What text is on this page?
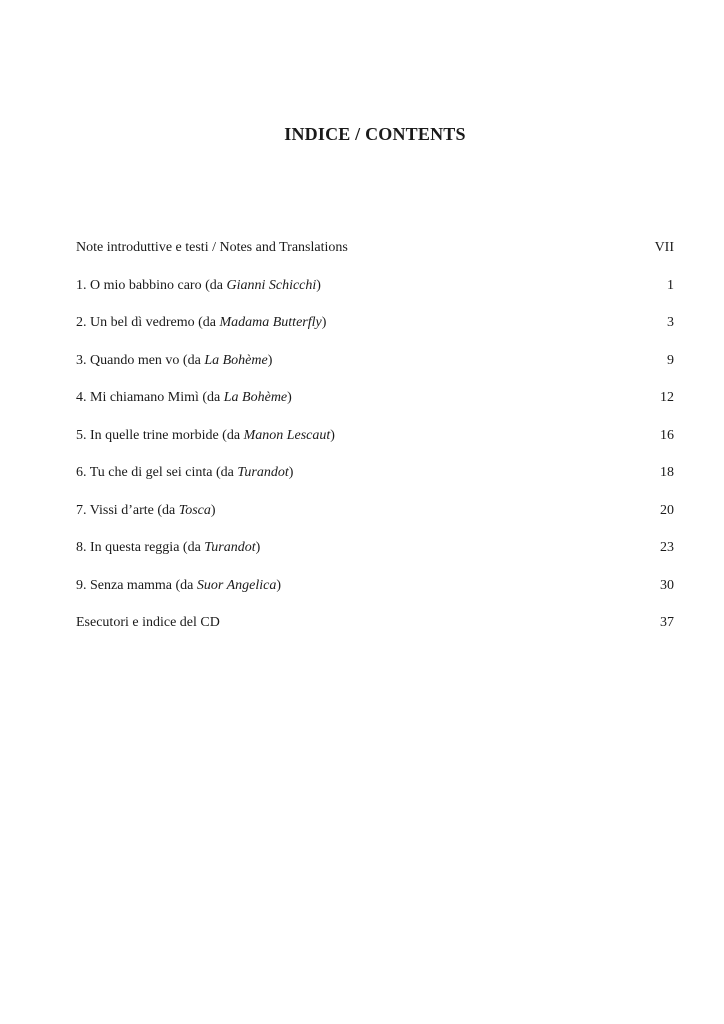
INDICE / CONTENTS
Note introduttive e testi / Notes and Translations	VII
1. O mio babbino caro (da Gianni Schicchi)	1
2. Un bel dì vedremo (da Madama Butterfly)	3
3. Quando men vo (da La Bohème)	9
4. Mi chiamano Mimì (da La Bohème)	12
5. In quelle trine morbide (da Manon Lescaut)	16
6. Tu che di gel sei cinta (da Turandot)	18
7. Vissi d’arte (da Tosca)	20
8. In questa reggia (da Turandot)	23
9. Senza mamma (da Suor Angelica)	30
Esecutori e indice del CD	37
